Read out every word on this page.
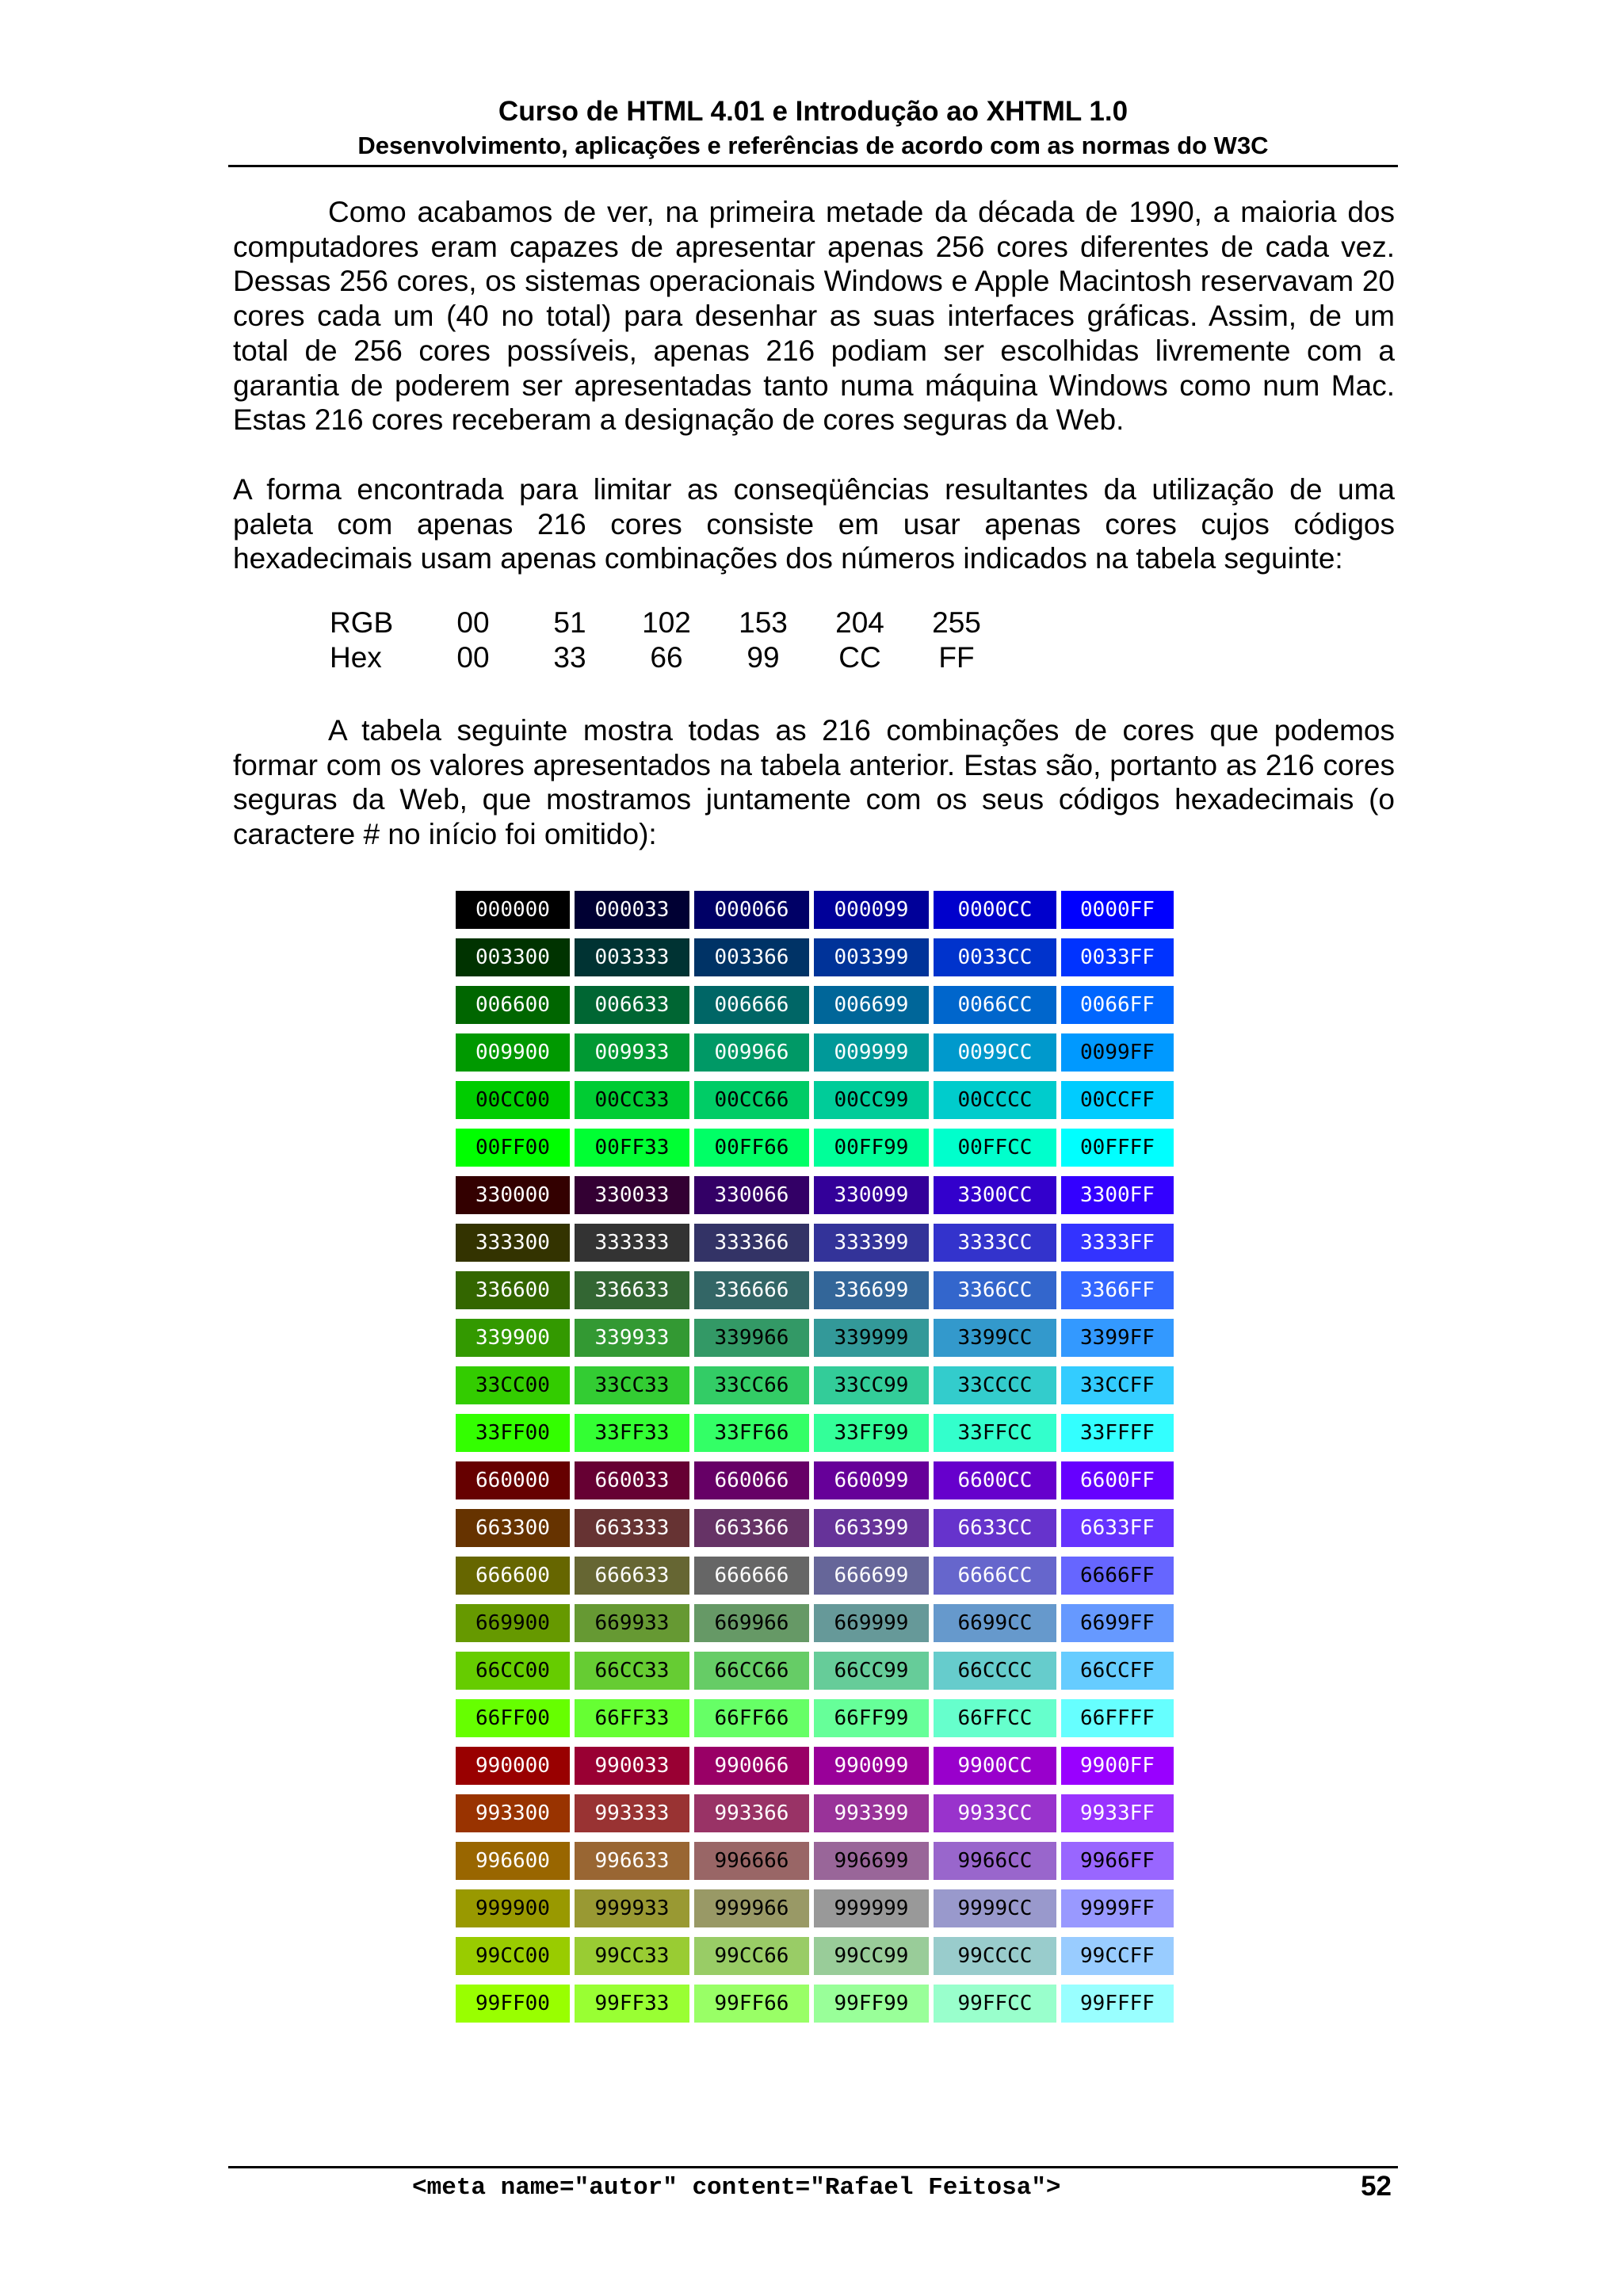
Curso de HTML 4.01 e Introdução ao XHTML 1.0
Desenvolvimento, aplicações e referências de acordo com as normas do W3C

Como acabamos de ver, na primeira metade da década de 1990, a maioria dos computadores eram capazes de apresentar apenas 256 cores diferentes de cada vez. Dessas 256 cores, os sistemas operacionais Windows e Apple Macintosh reservavam 20 cores cada um (40 no total) para desenhar as suas interfaces gráficas. Assim, de um total de 256 cores possíveis, apenas 216 podiam ser escolhidas livremente com a garantia de poderem ser apresentadas tanto numa máquina Windows como num Mac. Estas 216 cores receberam a designação de cores seguras da Web.

A forma encontrada para limitar as conseqüências resultantes da utilização de uma paleta com apenas 216 cores consiste em usar apenas cores cujos códigos hexadecimais usam apenas combinações dos números indicados na tabela seguinte:

RGB	00	51	102	153	204	255
Hex	00	33	66	99	CC	FF

A tabela seguinte mostra todas as 216 combinações de cores que podemos formar com os valores apresentados na tabela anterior. Estas são, portanto as 216 cores seguras da Web, que mostramos juntamente com os seus códigos hexadecimais (o caractere # no início foi omitido):

000000	000033	000066	000099	0000CC	0000FF
003300	003333	003366	003399	0033CC	0033FF
006600	006633	006666	006699	0066CC	0066FF
009900	009933	009966	009999	0099CC	0099FF
00CC00	00CC33	00CC66	00CC99	00CCCC	00CCFF
00FF00	00FF33	00FF66	00FF99	00FFCC	00FFFF
330000	330033	330066	330099	3300CC	3300FF
333300	333333	333366	333399	3333CC	3333FF
336600	336633	336666	336699	3366CC	3366FF
339900	339933	339966	339999	3399CC	3399FF
33CC00	33CC33	33CC66	33CC99	33CCCC	33CCFF
33FF00	33FF33	33FF66	33FF99	33FFCC	33FFFF
660000	660033	660066	660099	6600CC	6600FF
663300	663333	663366	663399	6633CC	6633FF
666600	666633	666666	666699	6666CC	6666FF
669900	669933	669966	669999	6699CC	6699FF
66CC00	66CC33	66CC66	66CC99	66CCCC	66CCFF
66FF00	66FF33	66FF66	66FF99	66FFCC	66FFFF
990000	990033	990066	990099	9900CC	9900FF
993300	993333	993366	993399	9933CC	9933FF
996600	996633	996666	996699	9966CC	9966FF
999900	999933	999966	999999	9999CC	9999FF
99CC00	99CC33	99CC66	99CC99	99CCCC	99CCFF
99FF00	99FF33	99FF66	99FF99	99FFCC	99FFFF
<meta name="autor" content="Rafael Feitosa">	52
